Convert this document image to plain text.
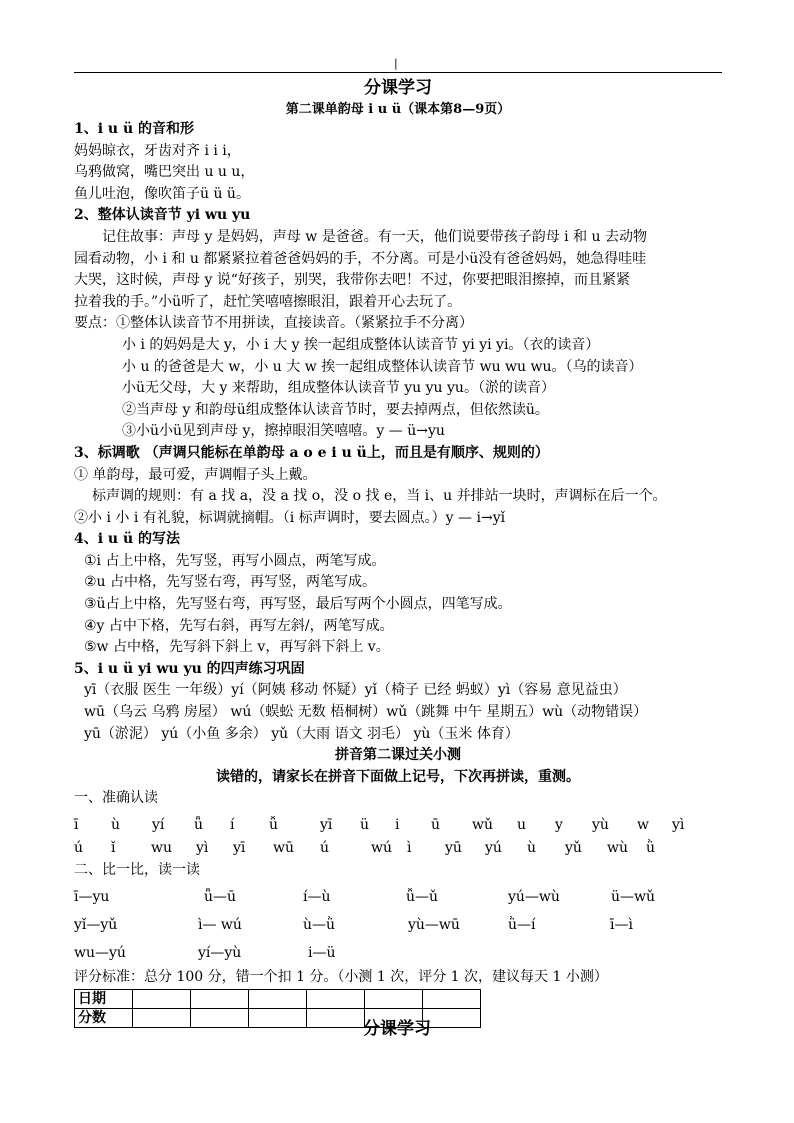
|
分课学习
第二课单韵母 i u ü（课本第8—9页）
1、i u ü 的音和形
妈妈晾衣，牙齿对齐 i i i，
乌鸦做窝，嘴巴突出 u u u，
鱼儿吐泡，像吹笛子ü ü ü。
2、整体认读音节 yi wu yu
记住故事：声母 y 是妈妈，声母 w 是爸爸。有一天，他们说要带孩子韵母 i 和 u 去动物
园看动物，小 i 和 u 都紧紧拉着爸爸妈妈的手，不分离。可是小ü没有爸爸妈妈，她急得哇哇
大哭，这时候，声母 y 说“好孩子，别哭，我带你去吧！不过，你要把眼泪擦掉，而且紧紧
拉着我的手。”小ü听了，赶忙笑嘻嘻擦眼泪，跟着开心去玩了。
要点：①整体认读音节不用拼读，直接读音。（紧紧拉手不分离）
小 i 的妈妈是大 y，小 i 大 y 挨一起组成整体认读音节 yi yi yi。（衣的读音）
小 u 的爸爸是大 w，小 u 大 w 挨一起组成整体认读音节 wu wu wu。（乌的读音）
小ü无父母，大 y 来帮助，组成整体认读音节 yu yu yu。（淤的读音）
②当声母 y 和韵母ü组成整体认读音节时，要去掉两点，但依然读ü。
③小ü小ü见到声母 y，擦掉眼泪笑嘻嘻。y — ü→yu
3、标调歌 （声调只能标在单韵母 a o e i u ü上，而且是有顺序、规则的）
① 单韵母，最可爱，声调帽子头上戴。
标声调的规则：有 a 找 a，没 a 找 o，没 o 找 e，当 i、u 并排站一块时，声调标在后一个。
②小 i 小 i 有礼貌，标调就摘帽。（i 标声调时，要去圆点。）y — i→yǐ
4、i u ü 的写法
①i 占上中格，先写竖，再写小圆点，两笔写成。
②u 占中格，先写竖右弯，再写竖，两笔写成。
③ü占上中格，先写竖右弯，再写竖，最后写两个小圆点，四笔写成。
④y 占中下格，先写右斜，再写左斜/，两笔写成。
⑤w 占中格，先写斜下斜上 v，再写斜下斜上 v。
5、i u ü yi wu yu 的四声练习巩固
yī（衣服 医生 一年级）yí（阿姨 移动 怀疑）yǐ（椅子 已经 蚂蚁）yì（容易 意见益虫）
wū（乌云 乌鸦 房屋） wú（蜈蚣 无数 梧桐树）wǔ（跳舞 中午 星期五）wù（动物错误）
yū（淤泥） yú（小鱼 多余） yǔ（大雨 语文 羽毛） yù（玉米 体育）
拼音第二课过关小测
读错的，请家长在拼音下面做上记号，下次再拼读，重测。
一、准确认读
ī	ù	yí	ǖ	í	ǚ	yī	ü	i	ū	wǔ	u	y	yù	w	yì
ú	ǐ	wu	yì	yī	wū	ú	wú	ì	yū	yú	ù	yǔ	wù	ǜ
二、比一比，读一读
ī—yu	ǖ—ū	í—ù	ǚ—ǔ	yú—wù	ü—wǔ
yǐ—yǔ	ì— wú	ù—ǜ	yù—wū	ǜ—í	ī—ì
wu—yú	yí—yù	i—ü
评分标准：总分 100 分，错一个扣 1 分。（小测 1 次，评分 1 次，建议每天 1 小测）
日期						
分数						
分课学习
